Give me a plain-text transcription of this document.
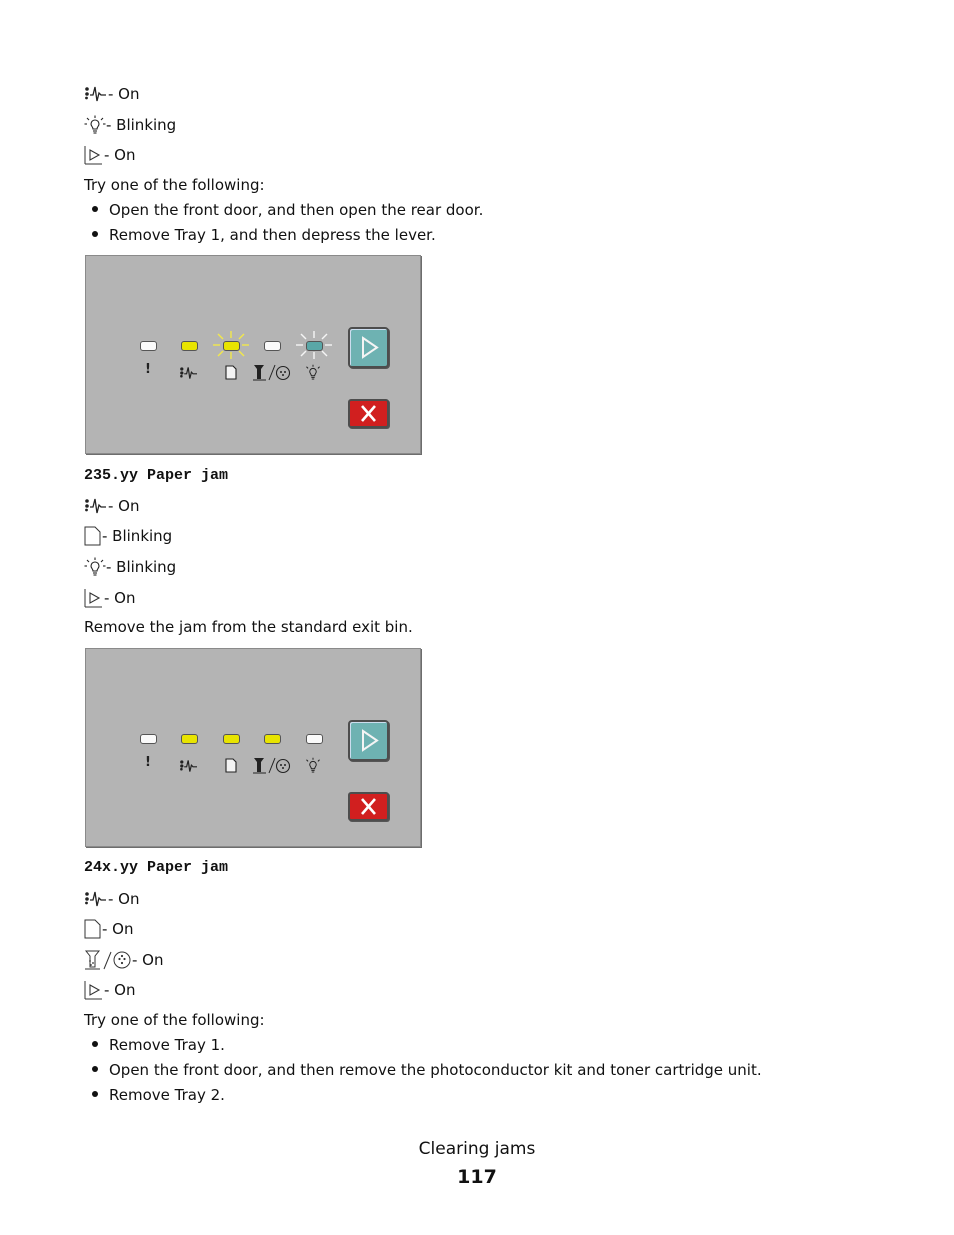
- On
- Blinking
- On
Try one of the following:
Open the front door, and then open the rear door.
Remove Tray 1, and then depress the lever.
!
235.yy Paper jam
- On
- Blinking
- Blinking
- On
Remove the jam from the standard exit bin.
!
24x.yy Paper jam
- On
- On
- On
- On
Try one of the following:
Remove Tray 1.
Open the front door, and then remove the photoconductor kit and toner cartridge unit.
Remove Tray 2.
Clearing jams
117
